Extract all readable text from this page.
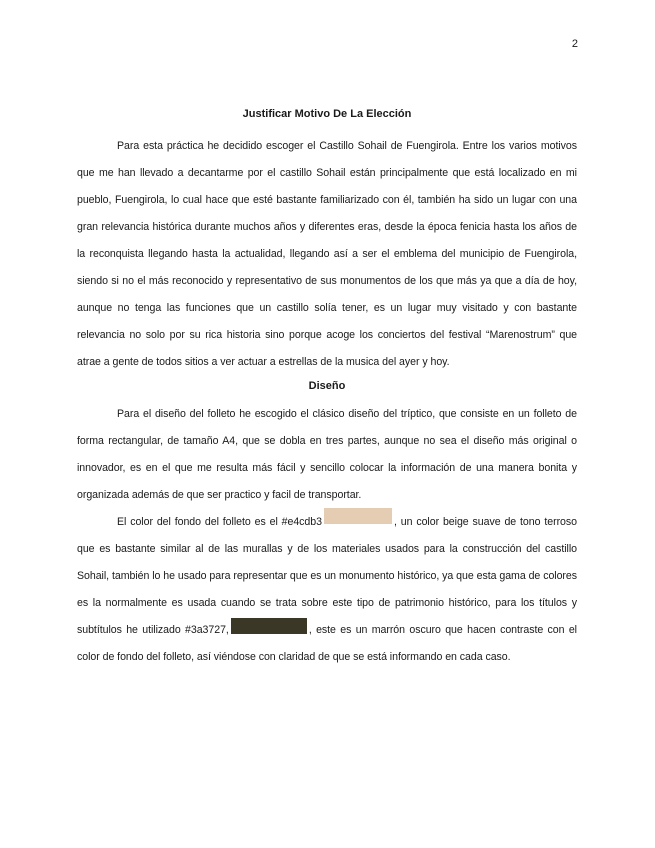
2
Justificar Motivo De La Elección

Para esta práctica he decidido escoger el Castillo Sohail de Fuengirola. Entre los varios motivos que me han llevado a decantarme por el castillo Sohail están principalmente que está localizado en mi pueblo, Fuengirola, lo cual hace que esté bastante familiarizado con él, también ha sido un lugar con una gran relevancia histórica durante muchos años y diferentes eras, desde la época fenicia hasta los años de la reconquista llegando hasta la actualidad, llegando así a ser el emblema del municipio de Fuengirola, siendo si no el más reconocido y representativo de sus monumentos de los que más ya que a día de hoy, aunque no tenga las funciones que un castillo solía tener, es un lugar muy visitado y con bastante relevancia no solo por su rica historia sino porque acoge los conciertos del festival “Marenostrum” que atrae a gente de todos sitios a ver actuar a estrellas de la musica del ayer y hoy.

Diseño

Para el diseño del folleto he escogido el clásico diseño del tríptico, que consiste en un folleto de forma rectangular, de tamaño A4, que se dobla en tres partes, aunque no sea el diseño más original o innovador, es en el que me resulta más fácil y sencillo colocar la información de una manera bonita y organizada además de que ser practico y facil de transportar.

El color del fondo del folleto es el #e4cdb3	, un color beige suave de tono terroso que es bastante similar al de las murallas y de los materiales usados para la construcción del castillo Sohail, también lo he usado para representar que es un monumento histórico, ya que esta gama de colores es la normalmente es usada cuando se trata sobre este tipo de patrimonio histórico, para los títulos y subtítulos he utilizado #3a3727,	, este es un marrón oscuro que hacen contraste con el color de fondo del folleto, así viéndose con claridad de que se está informando en cada caso.
